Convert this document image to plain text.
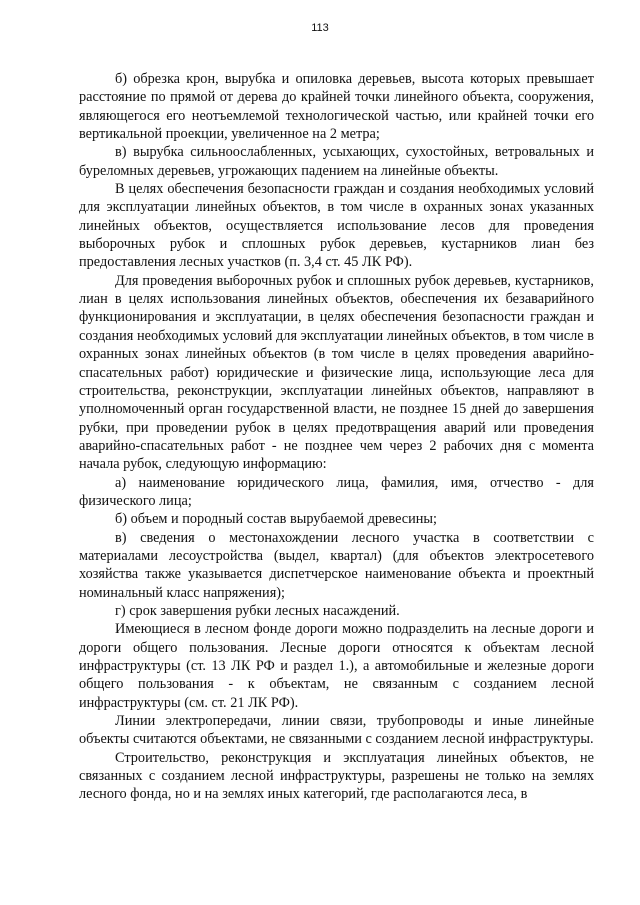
113

б) обрезка крон, вырубка и опиловка деревьев, высота которых превышает расстояние по прямой от дерева до крайней точки линейного объекта, сооружения, являющегося его неотъемлемой технологической частью, или крайней точки его вертикальной проекции, увеличенное на 2 метра;

в) вырубка сильноослабленных, усыхающих, сухостойных, ветровальных и буреломных деревьев, угрожающих падением на линейные объекты.

В целях обеспечения безопасности граждан и создания необходимых условий для эксплуатации линейных объектов, в том числе в охранных зонах указанных линейных объектов, осуществляется использование лесов для проведения выборочных рубок и сплошных рубок деревьев, кустарников лиан без предоставления лесных участков (п. 3,4 ст. 45 ЛК РФ).

Для проведения выборочных рубок и сплошных рубок деревьев, кустарников, лиан в целях использования линейных объектов, обеспечения их безаварийного функционирования и эксплуатации, в целях обеспечения безопасности граждан и создания необходимых условий для эксплуатации линейных объектов, в том числе в охранных зонах линейных объектов (в том числе в целях проведения аварийно-спасательных работ) юридические и физические лица, использующие леса для строительства, реконструкции, эксплуатации линейных объектов, направляют в уполномоченный орган государственной власти, не позднее 15 дней до завершения рубки, при проведении рубок в целях предотвращения аварий или проведения аварийно-спасательных работ - не позднее чем через 2 рабочих дня с момента начала рубок, следующую информацию:

а) наименование юридического лица, фамилия, имя, отчество - для физического лица;

б) объем и породный состав вырубаемой древесины;

в) сведения о местонахождении лесного участка в соответствии с материалами лесоустройства (выдел, квартал) (для объектов электросетевого хозяйства также указывается диспетчерское наименование объекта и проектный номинальный класс напряжения);

г) срок завершения рубки лесных насаждений.

Имеющиеся в лесном фонде дороги можно подразделить на лесные дороги и дороги общего пользования. Лесные дороги относятся к объектам лесной инфраструктуры (ст. 13 ЛК РФ и раздел 1.), а автомобильные и железные дороги общего пользования - к объектам, не связанным с созданием лесной инфраструктуры (см. ст. 21 ЛК РФ).

Линии электропередачи, линии связи, трубопроводы и иные линейные объекты считаются объектами, не связанными с созданием лесной инфраструктуры.

Строительство, реконструкция и эксплуатация линейных объектов, не связанных с созданием лесной инфраструктуры, разрешены не только на землях лесного фонда, но и на землях иных категорий, где располагаются леса, в
